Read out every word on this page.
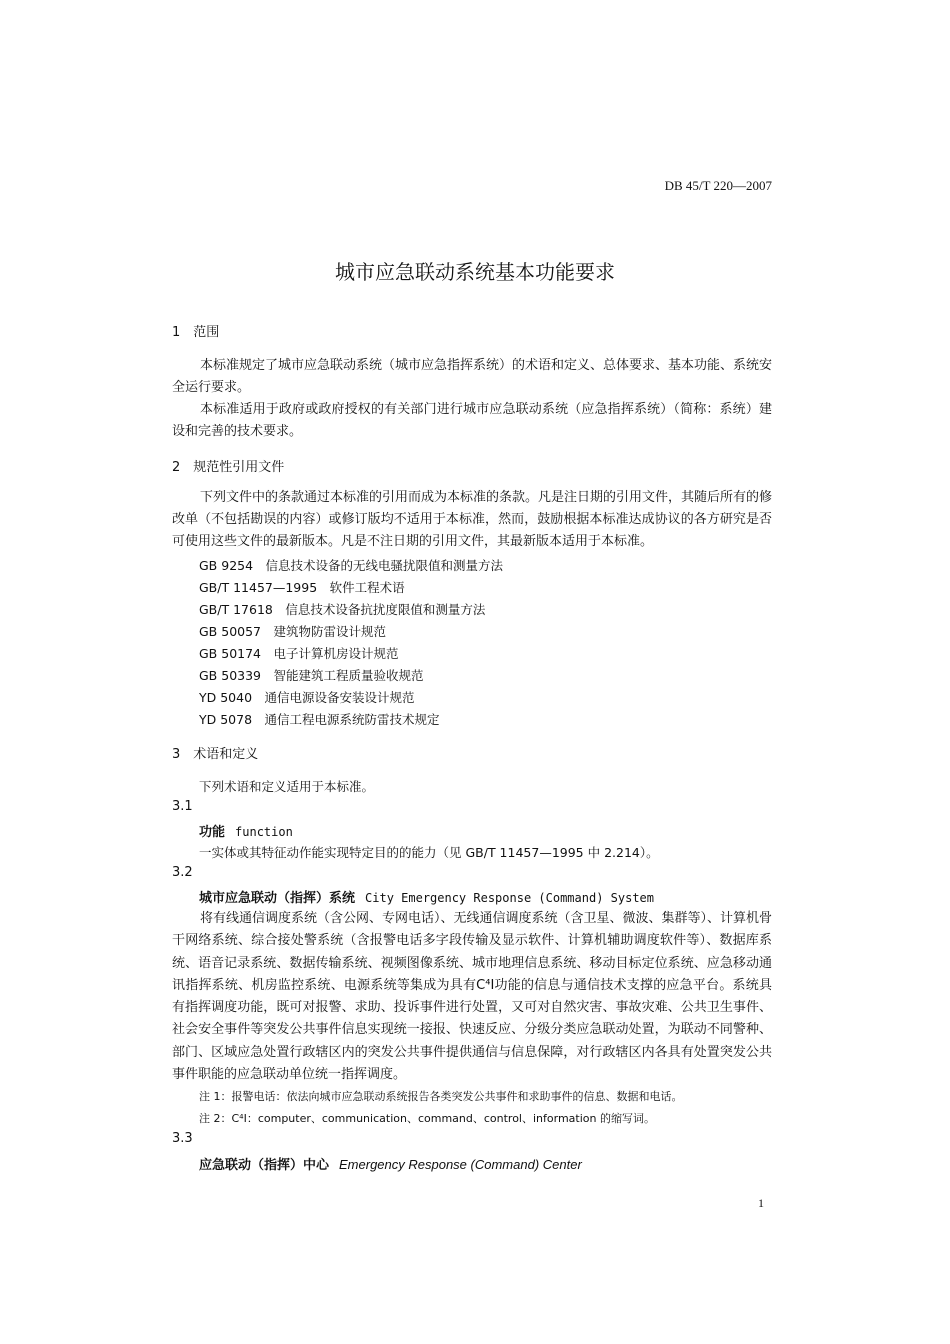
DB 45/T 220—2007
城市应急联动系统基本功能要求
1　范围

本标准规定了城市应急联动系统（城市应急指挥系统）的术语和定义、总体要求、基本功能、系统安全运行要求。

本标准适用于政府或政府授权的有关部门进行城市应急联动系统（应急指挥系统）（简称：系统）建设和完善的技术要求。

2　规范性引用文件

下列文件中的条款通过本标准的引用而成为本标准的条款。凡是注日期的引用文件，其随后所有的修改单（不包括勘误的内容）或修订版均不适用于本标准，然而，鼓励根据本标准达成协议的各方研究是否可使用这些文件的最新版本。凡是不注日期的引用文件，其最新版本适用于本标准。

GB 9254　信息技术设备的无线电骚扰限值和测量方法
GB/T 11457—1995　软件工程术语
GB/T 17618　信息技术设备抗扰度限值和测量方法
GB 50057　建筑物防雷设计规范
GB 50174　电子计算机房设计规范
GB 50339　智能建筑工程质量验收规范
YD 5040　通信电源设备安装设计规范
YD 5078　通信工程电源系统防雷技术规定
3　术语和定义
下列术语和定义适用于本标准。
3.1
功能 function
一实体或其特征动作能实现特定目的的能力（见 GB/T 11457—1995 中 2.214）。
3.2
城市应急联动（指挥）系统 City Emergency Response (Command) System

将有线通信调度系统（含公网、专网电话）、无线通信调度系统（含卫星、微波、集群等）、计算机骨干网络系统、综合接处警系统（含报警电话多字段传输及显示软件、计算机辅助调度软件等）、数据库系统、语音记录系统、数据传输系统、视频图像系统、城市地理信息系统、移动目标定位系统、应急移动通讯指挥系统、机房监控系统、电源系统等集成为具有C⁴I功能的信息与通信技术支撑的应急平台。系统具有指挥调度功能，既可对报警、求助、投诉事件进行处置，又可对自然灾害、事故灾难、公共卫生事件、社会安全事件等突发公共事件信息实现统一接报、快速反应、分级分类应急联动处置，为联动不同警种、部门、区域应急处置行政辖区内的突发公共事件提供通信与信息保障，对行政辖区内各具有处置突发公共事件职能的应急联动单位统一指挥调度。

注 1：报警电话：依法向城市应急联动系统报告各类突发公共事件和求助事件的信息、数据和电话。
注 2：C⁴I：computer、communication、command、control、information 的缩写词。
3.3
应急联动（指挥）中心 Emergency Response (Command) Center
1
